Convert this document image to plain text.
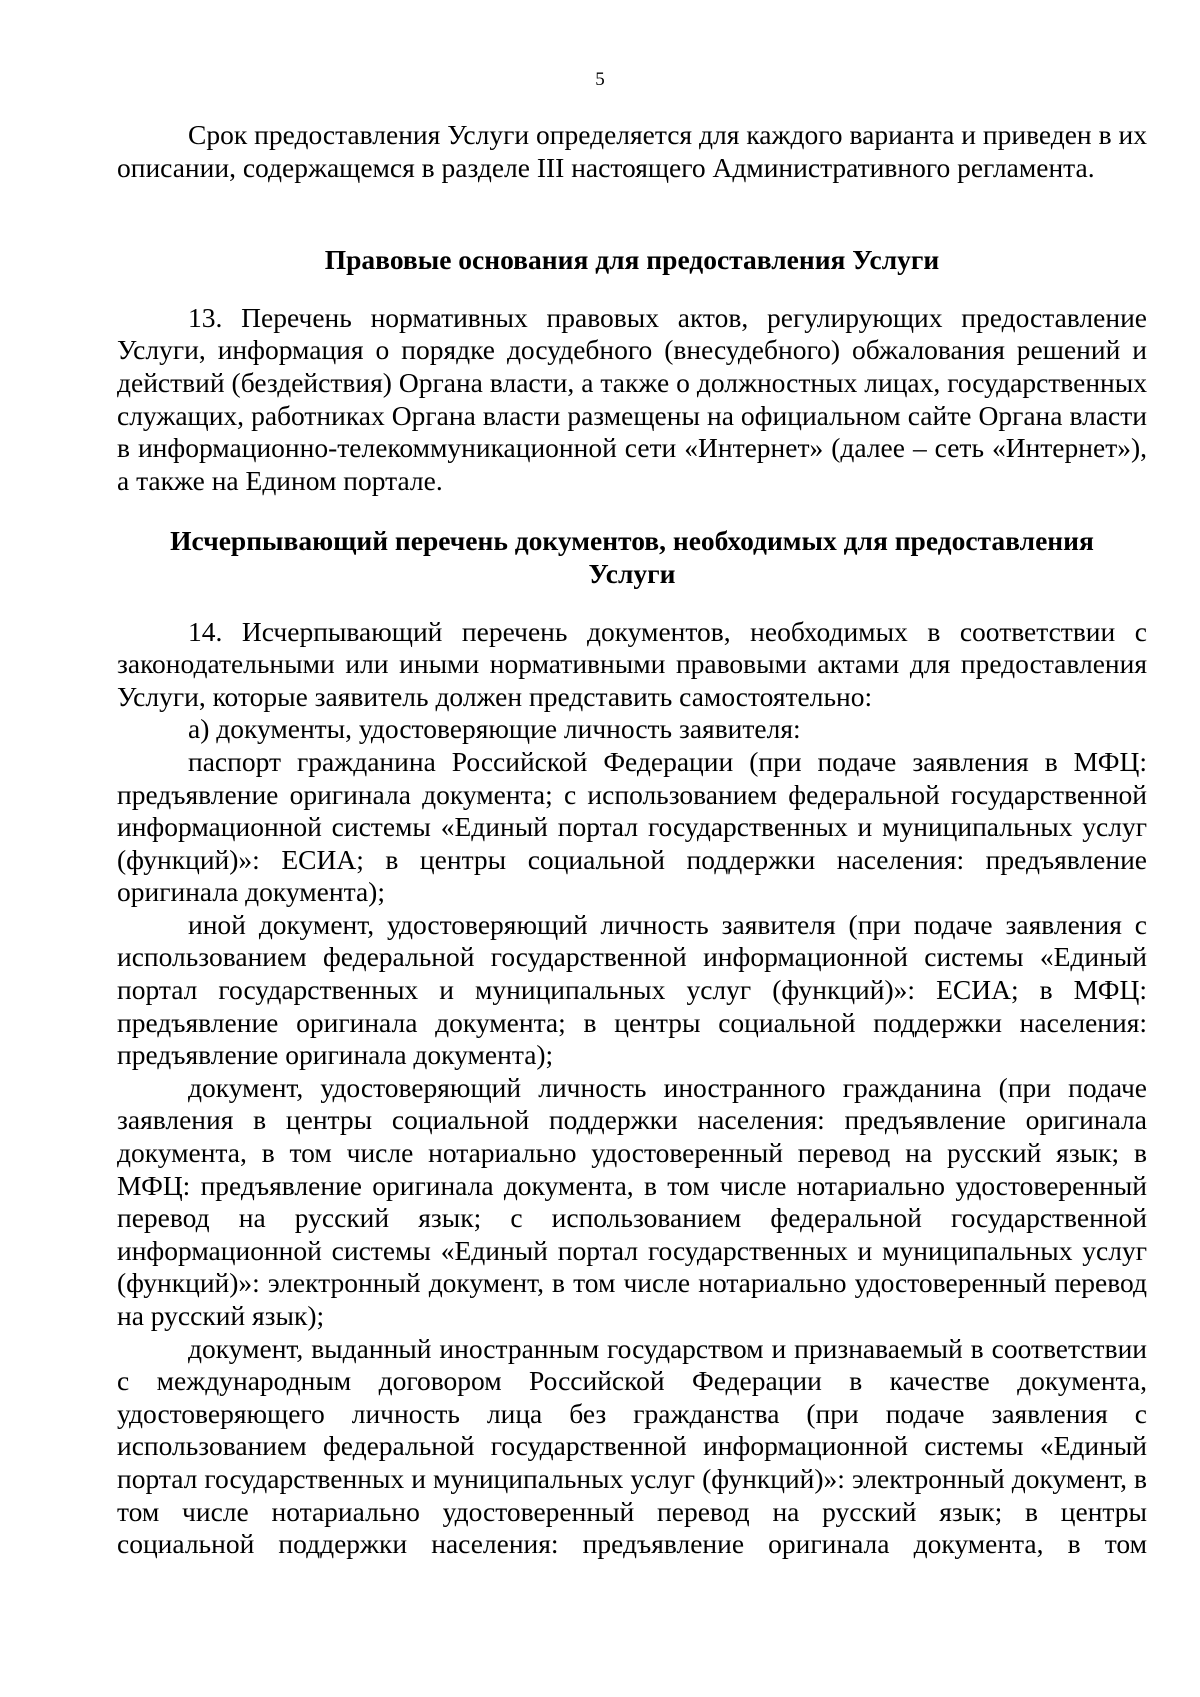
5

Срок предоставления Услуги определяется для каждого варианта и приведен в их описании, содержащемся в разделе III настоящего Административного регламента.

Правовые основания для предоставления Услуги

13. Перечень нормативных правовых актов, регулирующих предоставление Услуги, информация о порядке досудебного (внесудебного) обжалования решений и действий (бездействия) Органа власти, а также о должностных лицах, государственных служащих, работниках Органа власти размещены на официальном сайте Органа власти в информационно-телекоммуникационной сети «Интернет» (далее – сеть «Интернет»), а также на Едином портале.

Исчерпывающий перечень документов, необходимых для предоставления Услуги

14. Исчерпывающий перечень документов, необходимых в соответствии с законодательными или иными нормативными правовыми актами для предоставления Услуги, которые заявитель должен представить самостоятельно:

а) документы, удостоверяющие личность заявителя:

паспорт гражданина Российской Федерации (при подаче заявления в МФЦ: предъявление оригинала документа; с использованием федеральной государственной информационной системы «Единый портал государственных и муниципальных услуг (функций)»: ЕСИА; в центры социальной поддержки населения: предъявление оригинала документа);

иной документ, удостоверяющий личность заявителя (при подаче заявления с использованием федеральной государственной информационной системы «Единый портал государственных и муниципальных услуг (функций)»: ЕСИА; в МФЦ: предъявление оригинала документа; в центры социальной поддержки населения: предъявление оригинала документа);

документ, удостоверяющий личность иностранного гражданина (при подаче заявления в центры социальной поддержки населения: предъявление оригинала документа, в том числе нотариально удостоверенный перевод на русский язык; в МФЦ: предъявление оригинала документа, в том числе нотариально удостоверенный перевод на русский язык; с использованием федеральной государственной информационной системы «Единый портал государственных и муниципальных услуг (функций)»: электронный документ, в том числе нотариально удостоверенный перевод на русский язык);

документ, выданный иностранным государством и признаваемый в соответствии с международным договором Российской Федерации в качестве документа, удостоверяющего личность лица без гражданства (при подаче заявления с использованием федеральной государственной информационной системы «Единый портал государственных и муниципальных услуг (функций)»: электронный документ, в том числе нотариально удостоверенный перевод на русский язык; в центры социальной поддержки населения: предъявление оригинала документа, в том
